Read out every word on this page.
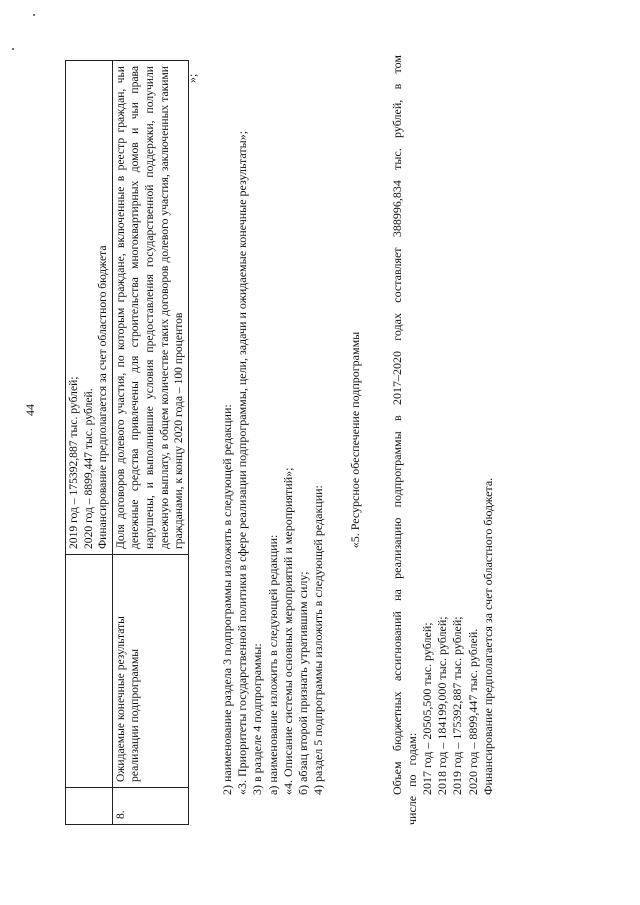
44

		2019 год – 175392,887 тыс. рублей; 2020 год – 8899,447 тыс. рублей. Финансирование предполагается за счет областного бюджета

8.	Ожидаемые конечные результаты реализации подпрограммы	Доля договоров долевого участия, по которым граждане, включенные в реестр граждан, чьи денежные средства привлечены для строительства многоквартирных домов и чьи права нарушены, и выполнившие условия предоставления государственной поддержки, получили денежную выплату, в общем количестве таких договоров долевого участия, заключенных такими гражданами, к концу 2020 года – 100 процентов
»;

2) наименование раздела 3 подпрограммы изложить в следующей редакции: «3. Приоритеты государственной политики в сфере реализации подпрограммы, цели, задачи и ожидаемые конечные результаты»; 3) в разделе 4 подпрограммы: а) наименование изложить в следующей редакции: «4. Описание системы основных мероприятий и мероприятий»; б) абзац второй признать утратившим силу; 4) раздел 5 подпрограммы изложить в следующей редакции:

«5. Ресурсное обеспечение подпрограммы Объем бюджетных ассигнований на реализацию подпрограммы в 2017–2020 годах составляет 388996,834 тыс. рублей, в том числе по годам: 2017 год – 20505,500 тыс. рублей; 2018 год – 184199,000 тыс. рублей; 2019 год – 175392,887 тыс. рублей; 2020 год – 8899,447 тыс. рублей. Финансирование предполагается за счет областного бюджета.
